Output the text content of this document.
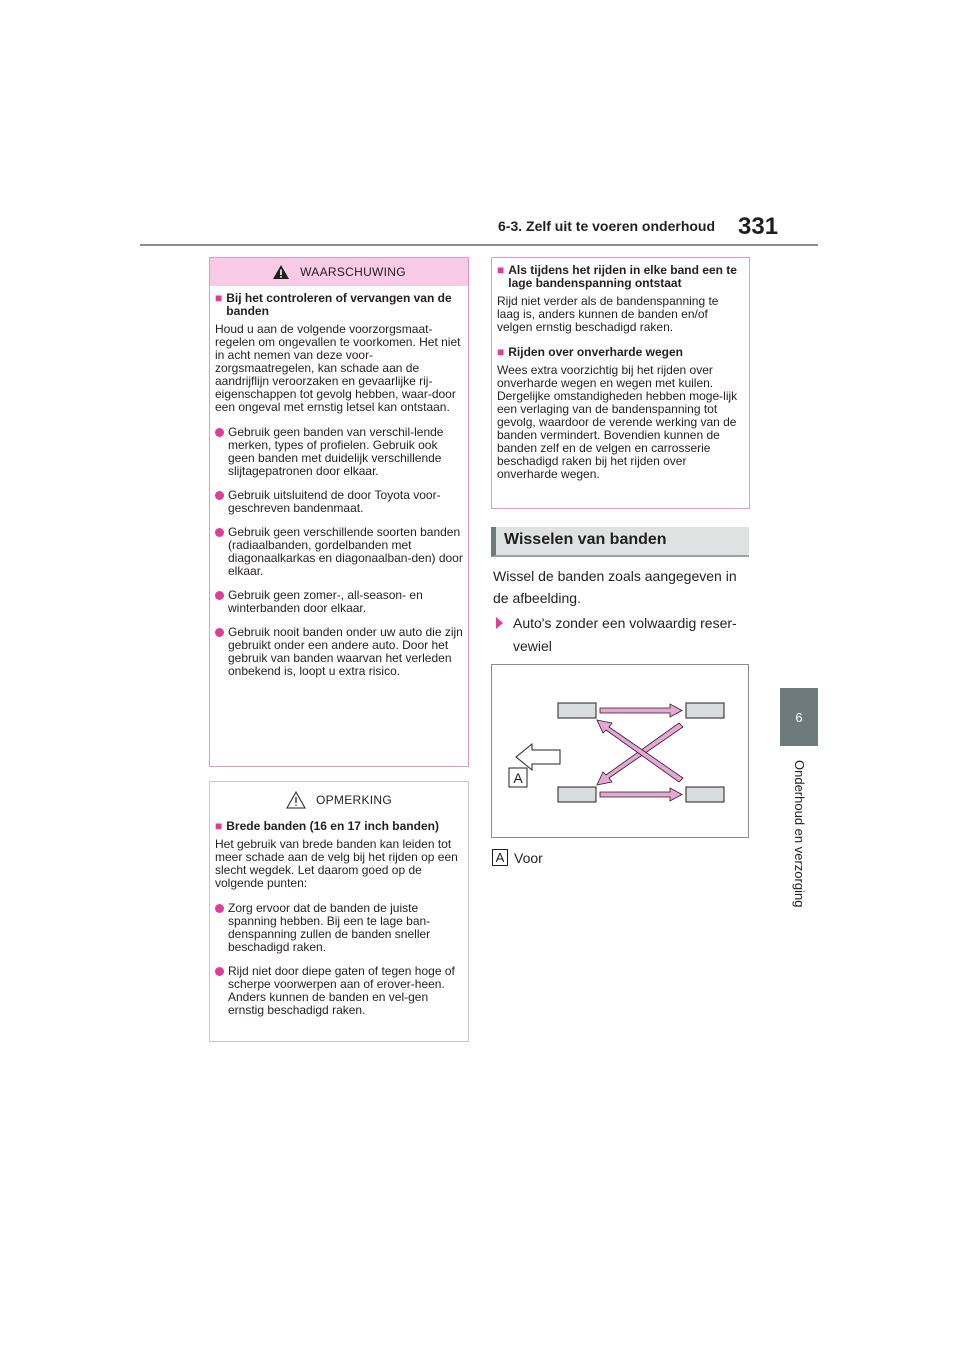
6-3. Zelf uit te voeren onderhoud 331
6
Onderhoud en verzorging
WAARSCHUWING
■ Bij het controleren of vervangen van de banden
Houd u aan de volgende voorzorgsmaat-regelen om ongevallen te voorkomen. Het niet in acht nemen van deze voor-zorgsmaatregelen, kan schade aan de aandrijflijn veroorzaken en gevaarlijke rij-eigenschappen tot gevolg hebben, waar-door een ongeval met ernstig letsel kan ontstaan.
Gebruik geen banden van verschil-lende merken, types of profielen. Gebruik ook geen banden met duidelijk verschillende slijtagepatronen door elkaar.
Gebruik uitsluitend de door Toyota voor-geschreven bandenmaat.
Gebruik geen verschillende soorten banden (radiaalbanden, gordelbanden met diagonaalkarkas en diagonaalban-den) door elkaar.
Gebruik geen zomer-, all-season- en winterbanden door elkaar.
Gebruik nooit banden onder uw auto die zijn gebruikt onder een andere auto. Door het gebruik van banden waarvan het verleden onbekend is, loopt u extra risico.
OPMERKING
■ Brede banden (16 en 17 inch banden)
Het gebruik van brede banden kan leiden tot meer schade aan de velg bij het rijden op een slecht wegdek. Let daarom goed op de volgende punten:
Zorg ervoor dat de banden de juiste spanning hebben. Bij een te lage ban-denspanning zullen de banden sneller beschadigd raken.
Rijd niet door diepe gaten of tegen hoge of scherpe voorwerpen aan of erover-heen. Anders kunnen de banden en vel-gen ernstig beschadigd raken.
■ Als tijdens het rijden in elke band een te lage bandenspanning ontstaat
Rijd niet verder als de bandenspanning te laag is, anders kunnen de banden en/of velgen ernstig beschadigd raken.
■ Rijden over onverharde wegen
Wees extra voorzichtig bij het rijden over onverharde wegen en wegen met kuilen. Dergelijke omstandigheden hebben moge-lijk een verlaging van de bandenspanning tot gevolg, waardoor de verende werking van de banden vermindert. Bovendien kunnen de banden zelf en de velgen en carrosserie beschadigd raken bij het rijden over onverharde wegen.
Wisselen van banden
Wissel de banden zoals aangegeven in de afbeelding.
Auto's zonder een volwaardig reser-vewiel
A
A Voor
